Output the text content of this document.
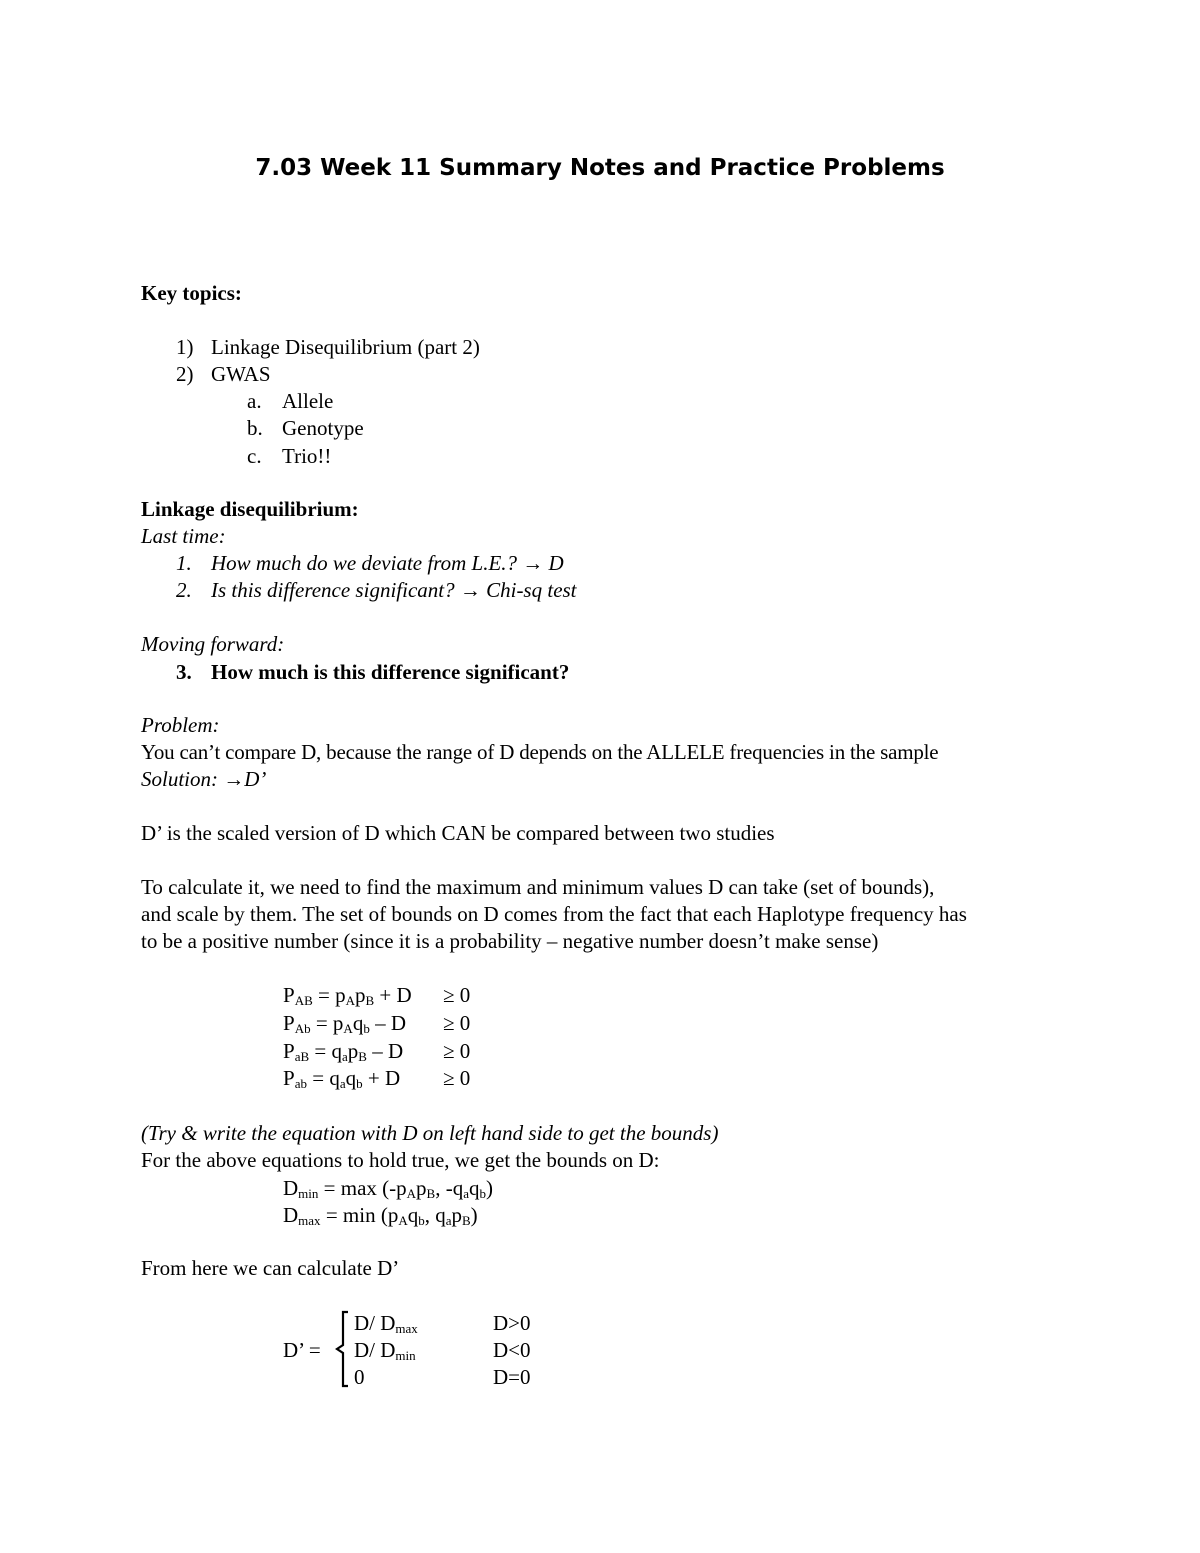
7.03 Week 11 Summary Notes and Practice Problems
Key topics:
1) Linkage Disequilibrium (part 2)
2) GWAS
a. Allele
b. Genotype
c. Trio!!
Linkage disequilibrium:
Last time:
1. How much do we deviate from L.E.? → D
2. Is this difference significant? → Chi-sq test
Moving forward:
3. How much is this difference significant?
Problem:
You can’t compare D, because the range of D depends on the ALLELE frequencies in the sample
Solution: →D’
D’ is the scaled version of D which CAN be compared between two studies
To calculate it, we need to find the maximum and minimum values D can take (set of bounds),
and scale by them. The set of bounds on D comes from the fact that each Haplotype frequency has
to be a positive number (since it is a probability – negative number doesn’t make sense)
$P_{AB} = p_Ap_B + D \ge 0$
$P_{Ab} = p_Aq_b - D \ge 0$
$P_{aB} = q_ap_B - D \ge 0$
$P_{ab} = q_aq_b + D \ge 0$
(Try & write the equation with D on left hand side to get the bounds)
For the above equations to hold true, we get the bounds on D:
$D_{min} = \max (-p_Ap_B$, $-q_aq_b$)
$D_{max} = \min (p_Aq_b$, $q_ap_B$)
From here we can calculate D’
D’ =
D/ $D_{max}$	D>0
D/ $D_{min}$	D<0
0	D=0
